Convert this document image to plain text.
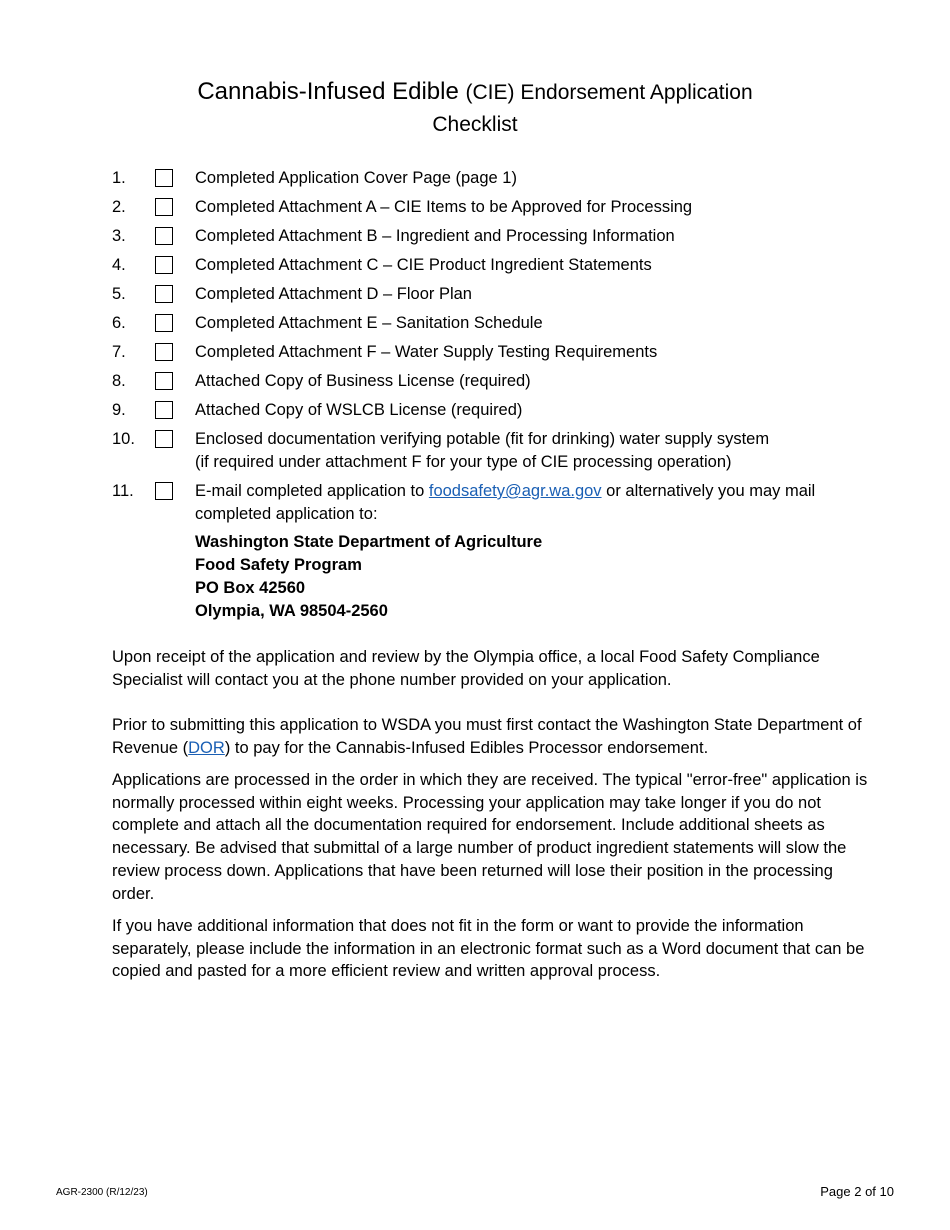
Cannabis-Infused Edible (CIE) Endorsement Application
Checklist
1.	Completed Application Cover Page (page 1)
2.	Completed Attachment A – CIE Items to be Approved for Processing
3.	Completed Attachment B – Ingredient and Processing Information
4.	Completed Attachment C – CIE Product Ingredient Statements
5.	Completed Attachment D – Floor Plan
6.	Completed Attachment E – Sanitation Schedule
7.	Completed Attachment F – Water Supply Testing Requirements
8.	Attached Copy of Business License (required)
9.	Attached Copy of WSLCB License (required)
10.	Enclosed documentation verifying potable (fit for drinking) water supply system
(if required under attachment F for your type of CIE processing operation)
11.	E-mail completed application to foodsafety@agr.wa.gov or alternatively you may mail
completed application to:
Washington State Department of Agriculture
Food Safety Program
PO Box 42560
Olympia, WA 98504-2560
Upon receipt of the application and review by the Olympia office, a local Food Safety Compliance Specialist will contact you at the phone number provided on your application.
Prior to submitting this application to WSDA you must first contact the Washington State Department of Revenue (DOR) to pay for the Cannabis-Infused Edibles Processor endorsement.
Applications are processed in the order in which they are received. The typical "error-free" application is normally processed within eight weeks. Processing your application may take longer if you do not complete and attach all the documentation required for endorsement. Include additional sheets as necessary. Be advised that submittal of a large number of product ingredient statements will slow the review process down. Applications that have been returned will lose their position in the processing order.
If you have additional information that does not fit in the form or want to provide the information separately, please include the information in an electronic format such as a Word document that can be copied and pasted for a more efficient review and written approval process.
AGR-2300 (R/12/23)	Page 2 of 10
